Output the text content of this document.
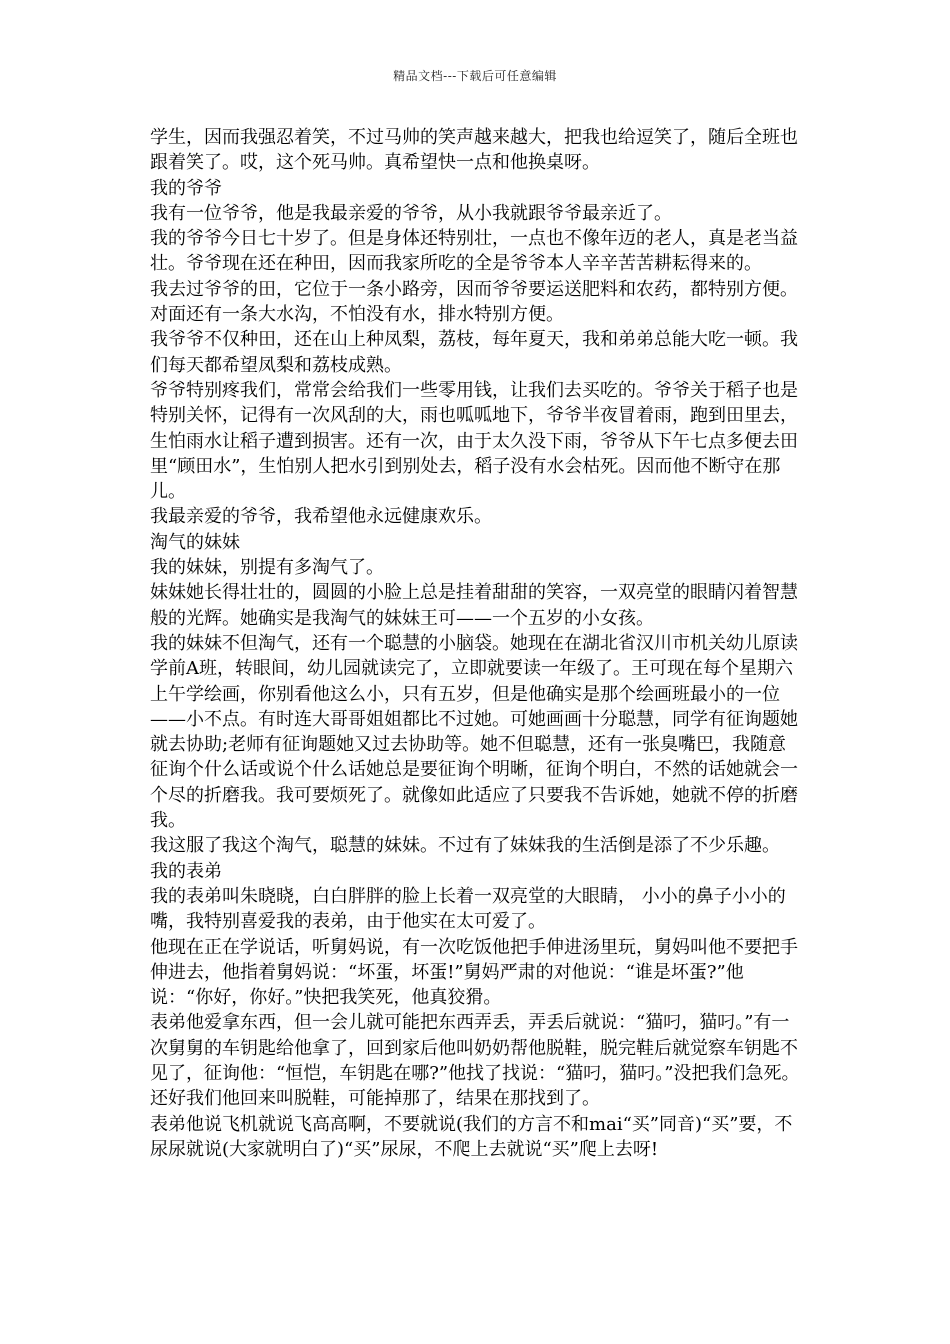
精品文档---下载后可任意编辑

学生，因而我强忍着笑，不过马帅的笑声越来越大，把我也给逗笑了，随后全班也跟着笑了。哎，这个死马帅。真希望快一点和他换桌呀。

我的爷爷

我有一位爷爷，他是我最亲爱的爷爷，从小我就跟爷爷最亲近了。

我的爷爷今日七十岁了。但是身体还特别壮，一点也不像年迈的老人，真是老当益壮。爷爷现在还在种田，因而我家所吃的全是爷爷本人辛辛苦苦耕耘得来的。

我去过爷爷的田，它位于一条小路旁，因而爷爷要运送肥料和农药，都特别方便。对面还有一条大水沟，不怕没有水，排水特别方便。

我爷爷不仅种田，还在山上种凤梨，荔枝，每年夏天，我和弟弟总能大吃一顿。我们每天都希望凤梨和荔枝成熟。

爷爷特别疼我们，常常会给我们一些零用钱，让我们去买吃的。爷爷关于稻子也是特别关怀，记得有一次风刮的大，雨也呱呱地下，爷爷半夜冒着雨，跑到田里去，生怕雨水让稻子遭到损害。还有一次，由于太久没下雨，爷爷从下午七点多便去田里“顾田水”，生怕别人把水引到别处去，稻子没有水会枯死。因而他不断守在那儿。

我最亲爱的爷爷，我希望他永远健康欢乐。

淘气的妹妹

我的妹妹，别提有多淘气了。

妹妹她长得壮壮的，圆圆的小脸上总是挂着甜甜的笑容，一双亮堂的眼睛闪着智慧般的光辉。她确实是我淘气的妹妹王可——一个五岁的小女孩。

我的妹妹不但淘气，还有一个聪慧的小脑袋。她现在在湖北省汉川市机关幼儿原读学前A班，转眼间，幼儿园就读完了，立即就要读一年级了。王可现在每个星期六上午学绘画，你别看他这么小，只有五岁，但是他确实是那个绘画班最小的一位——小不点。有时连大哥哥姐姐都比不过她。可她画画十分聪慧，同学有征询题她就去协助;老师有征询题她又过去协助等。她不但聪慧，还有一张臭嘴巴，我随意征询个什么话或说个什么话她总是要征询个明晰，征询个明白，不然的话她就会一个尽的折磨我。我可要烦死了。就像如此适应了只要我不告诉她，她就不停的折磨我。

我这服了我这个淘气，聪慧的妹妹。不过有了妹妹我的生活倒是添了不少乐趣。 我的表弟

我的表弟叫朱晓晓，白白胖胖的脸上长着一双亮堂的大眼睛， 小小的鼻子小小的嘴，我特别喜爱我的表弟，由于他实在太可爱了。

他现在正在学说话，听舅妈说，有一次吃饭他把手伸进汤里玩，舅妈叫他不要把手伸进去，他指着舅妈说：“坏蛋，坏蛋!”舅妈严肃的对他说：“谁是坏蛋?”他说：“你好，你好。”快把我笑死，他真狡猾。

表弟他爱拿东西，但一会儿就可能把东西弄丢，弄丢后就说：“猫叼，猫叼。”有一次舅舅的车钥匙给他拿了，回到家后他叫奶奶帮他脱鞋，脱完鞋后就觉察车钥匙不见了，征询他：“恒恺，车钥匙在哪?”他找了找说：“猫叼，猫叼。”没把我们急死。还好我们他回来叫脱鞋，可能掉那了，结果在那找到了。

表弟他说飞机就说飞高高啊，不要就说(我们的方言不和mai“买”同音)“买”要，不尿尿就说(大家就明白了)“买”尿尿，不爬上去就说“买”爬上去呀!
